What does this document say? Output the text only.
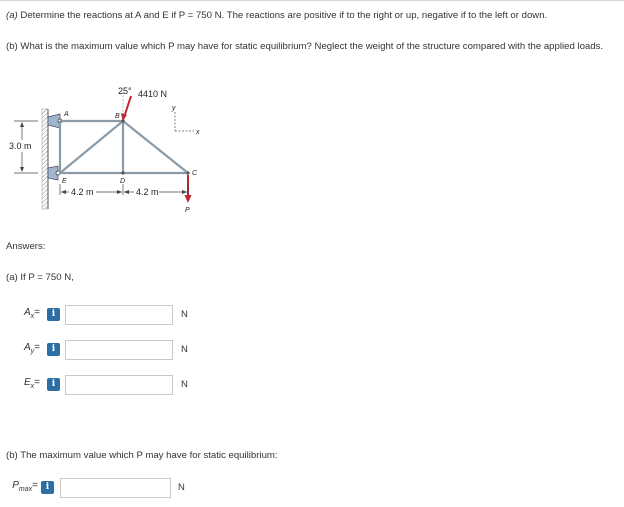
(a) Determine the reactions at A and E if P = 750 N. The reactions are positive if to the right or up, negative if to the left or down.
(b) What is the maximum value which P may have for static equilibrium? Neglect the weight of the structure compared with the applied loads.
25° 4410 N
y
x
A	B
C
D
E
P
3.0 m
4.2 m	4.2 m
Answers:
(a) If P = 750 N,
$A_x=$	i	N
$A_y=$	i	N
$E_x=$	i	N
(b) The maximum value which P may have for static equilibrium:
$P_{max}= i$	N
